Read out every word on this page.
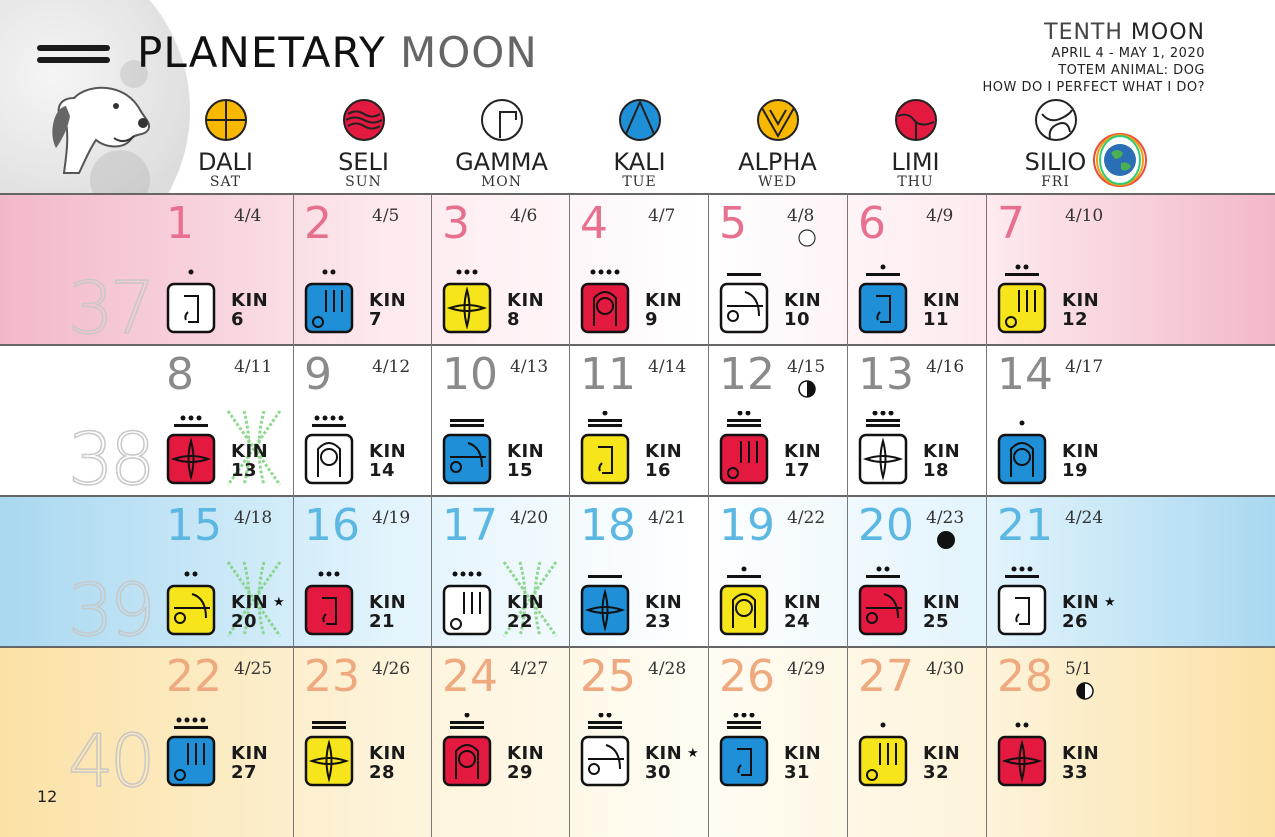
PLANETARY MOON	TENTH MOON
APRIL 4 - MAY 1, 2020
TOTEM ANIMAL: DOG
HOW DO I PERFECT WHAT I DO?
DALI
SAT
SELI
SUN
GAMMA
MON
KALI
TUE
ALPHA
WED
LIMI
THU
SILIO
FRI
37
38
39
40
1 4/4
KIN
6
2 4/5
KIN
7
3 4/6
KIN
8
4 4/7
KIN
9
5 4/8
KIN
10
6 4/9
KIN
11
7 4/10
KIN
12
8 4/11
KIN
13
9 4/12
KIN
14
10 4/13
KIN
15
11 4/14
KIN
16
12 4/15
KIN
17
13 4/16
KIN
18
14 4/17
KIN
19
15 4/18
KIN
20
★
16 4/19
KIN
21
17 4/20
KIN
22
18 4/21
KIN
23
19 4/22
KIN
24
20 4/23
KIN
25
21 4/24
KIN
26
★
22 4/25
KIN
27
23 4/26
KIN
28
24 4/27
KIN
29
25 4/28
KIN
30
★
26 4/29
KIN
31
27 4/30
KIN
32
28 5/1
KIN
33
12
